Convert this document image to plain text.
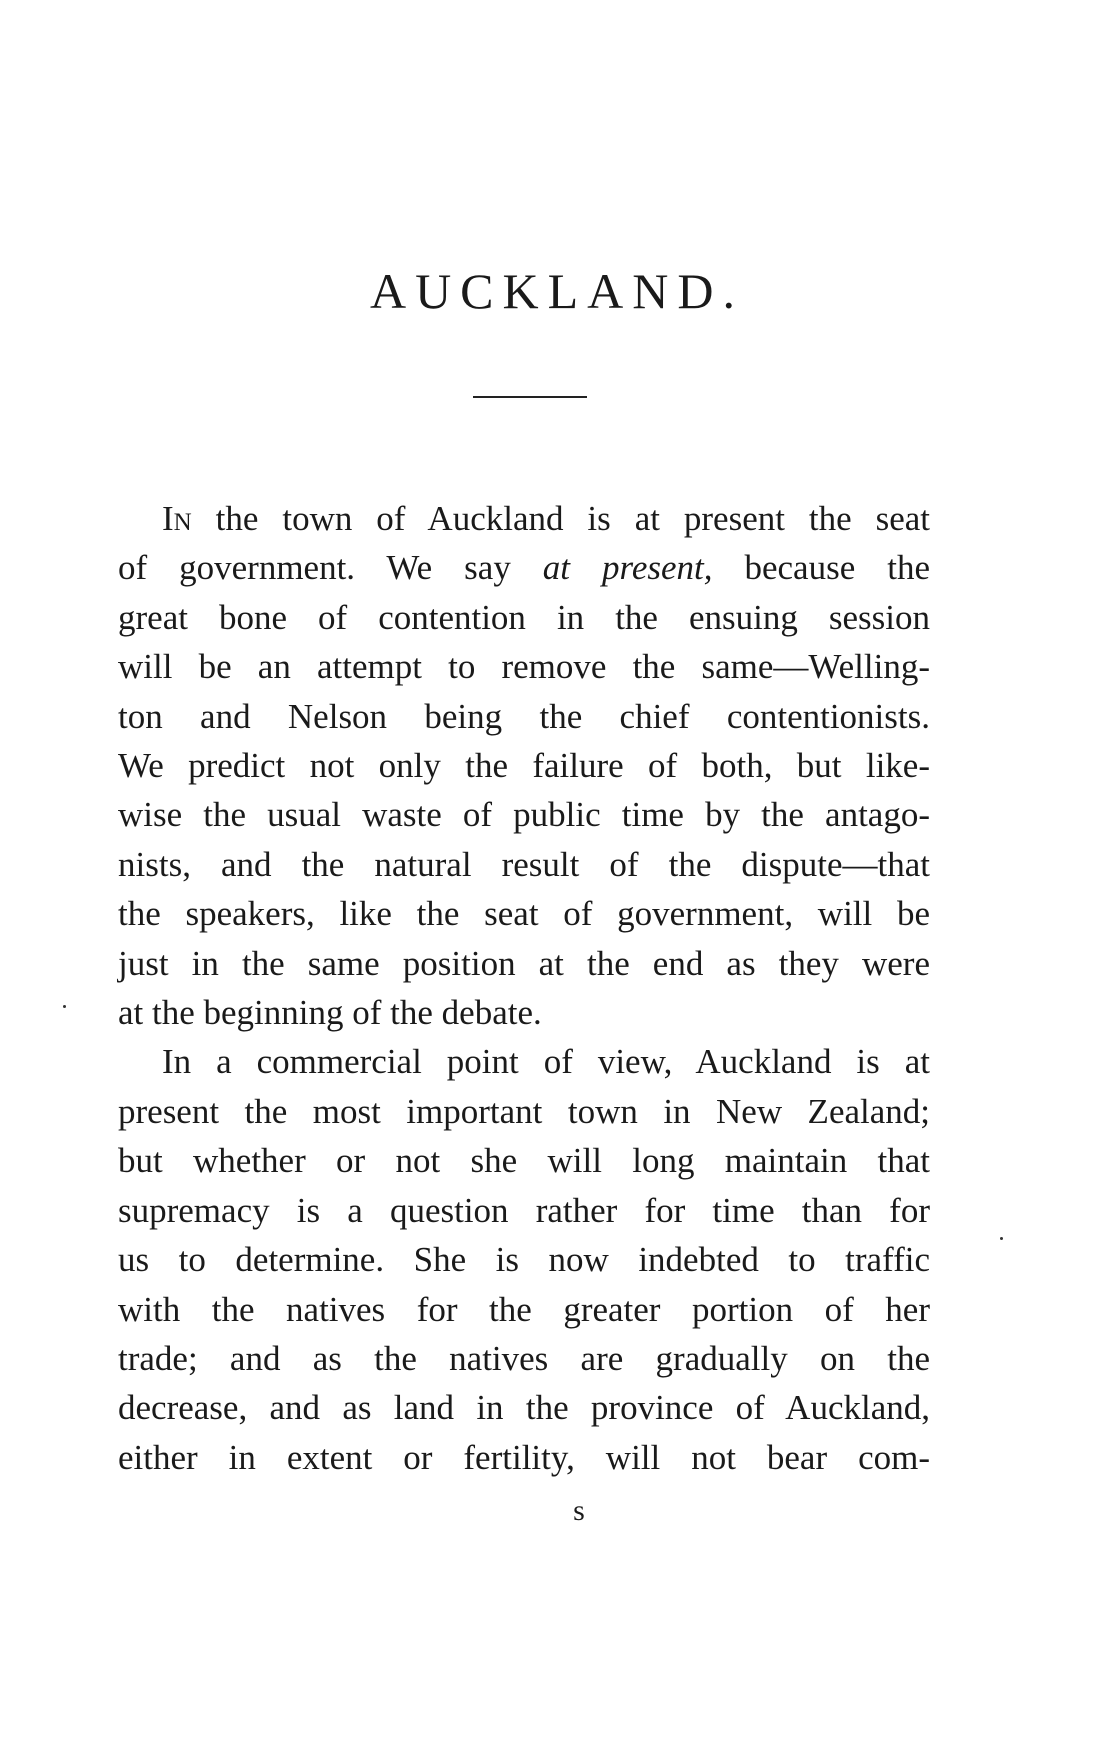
AUCKLAND.
In the town of Auckland is at present the seat
of government. We say at present, because the
great bone of contention in the ensuing session
will be an attempt to remove the same—Welling-
ton and Nelson being the chief contentionists.
We predict not only the failure of both, but like-
wise the usual waste of public time by the antago-
nists, and the natural result of the dispute—that
the speakers, like the seat of government, will be
just in the same position at the end as they were
at the beginning of the debate.
In a commercial point of view, Auckland is at
present the most important town in New Zealand;
but whether or not she will long maintain that
supremacy is a question rather for time than for
us to determine. She is now indebted to traffic
with the natives for the greater portion of her
trade; and as the natives are gradually on the
decrease, and as land in the province of Auckland,
either in extent or fertility, will not bear com-
s
